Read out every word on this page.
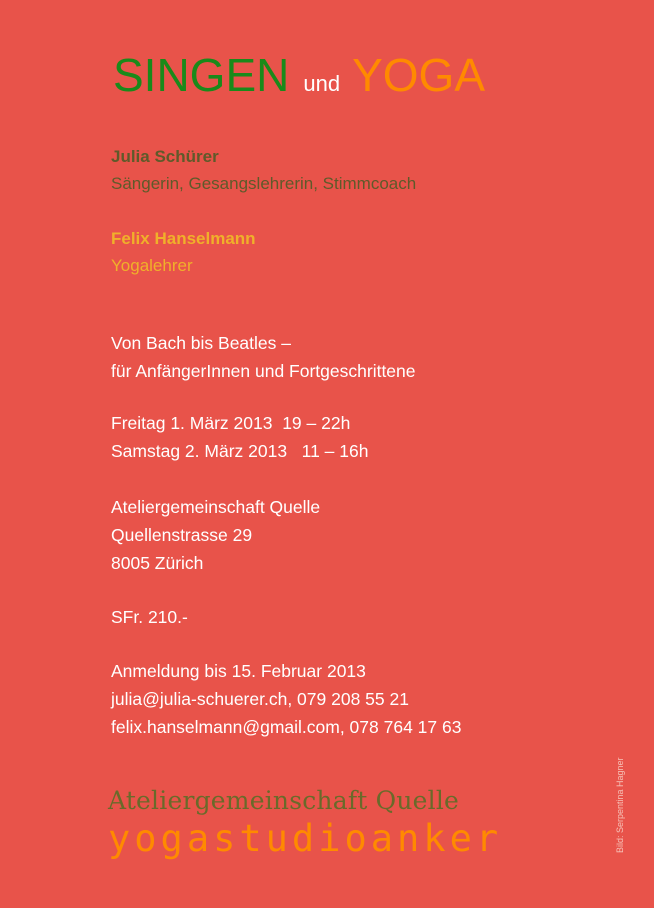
SINGEN und YOGA
Julia Schürer
Sängerin, Gesangslehrerin, Stimmcoach
Felix Hanselmann
Yogalehrer
Von Bach bis Beatles –
für AnfängerInnen und Fortgeschrittene
Freitag 1. März 2013  19 – 22h
Samstag 2. März 2013   11 – 16h
Ateliergemeinschaft Quelle
Quellenstrasse 29
8005 Zürich
SFr. 210.-
Anmeldung bis 15. Februar 2013
julia@julia-schuerer.ch, 079 208 55 21
felix.hanselmann@gmail.com, 078 764 17 63
Ateliergemeinschaft Quelle
yogastudioanker	Bild: Serpentina Hagner
